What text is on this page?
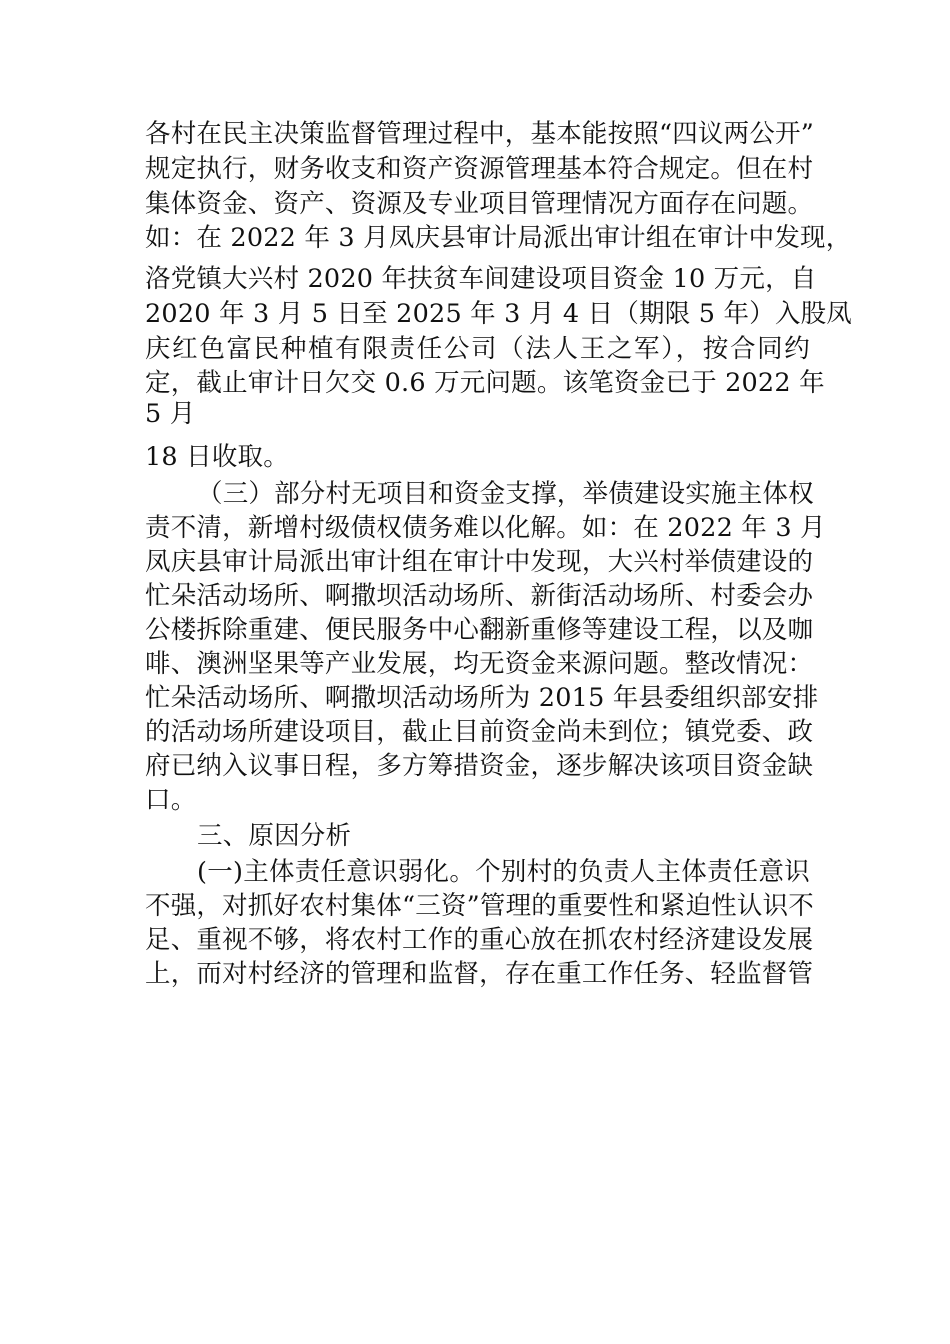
各村在民主决策监督管理过程中，基本能按照“四议两公开”
规定执行，财务收支和资产资源管理基本符合规定。但在村
集体资金、资产、资源及专业项目管理情况方面存在问题。
如：在 2022 年 3 月凤庆县审计局派出审计组在审计中发现，
洛党镇大兴村 2020 年扶贫车间建设项目资金 10 万元，自
2020 年 3 月 5 日至 2025 年 3 月 4 日（期限 5 年）入股凤
庆红色富民种植有限责任公司（法人王之军），按合同约
定，截止审计日欠交 0.6 万元问题。该笔资金已于 2022 年
5 月
18 日收取。
（三）部分村无项目和资金支撑，举债建设实施主体权
责不清，新增村级债权债务难以化解。如：在 2022 年 3 月
凤庆县审计局派出审计组在审计中发现，大兴村举债建设的
忙朵活动场所、啊撒坝活动场所、新街活动场所、村委会办
公楼拆除重建、便民服务中心翻新重修等建设工程，以及咖
啡、澳洲坚果等产业发展，均无资金来源问题。整改情况：
忙朵活动场所、啊撒坝活动场所为 2015 年县委组织部安排
的活动场所建设项目，截止目前资金尚未到位；镇党委、政
府已纳入议事日程，多方筹措资金，逐步解决该项目资金缺
口。
三、原因分析
(一)主体责任意识弱化。个别村的负责人主体责任意识
不强，对抓好农村集体“三资”管理的重要性和紧迫性认识不
足、重视不够，将农村工作的重心放在抓农村经济建设发展
上，而对村经济的管理和监督，存在重工作任务、轻监督管
